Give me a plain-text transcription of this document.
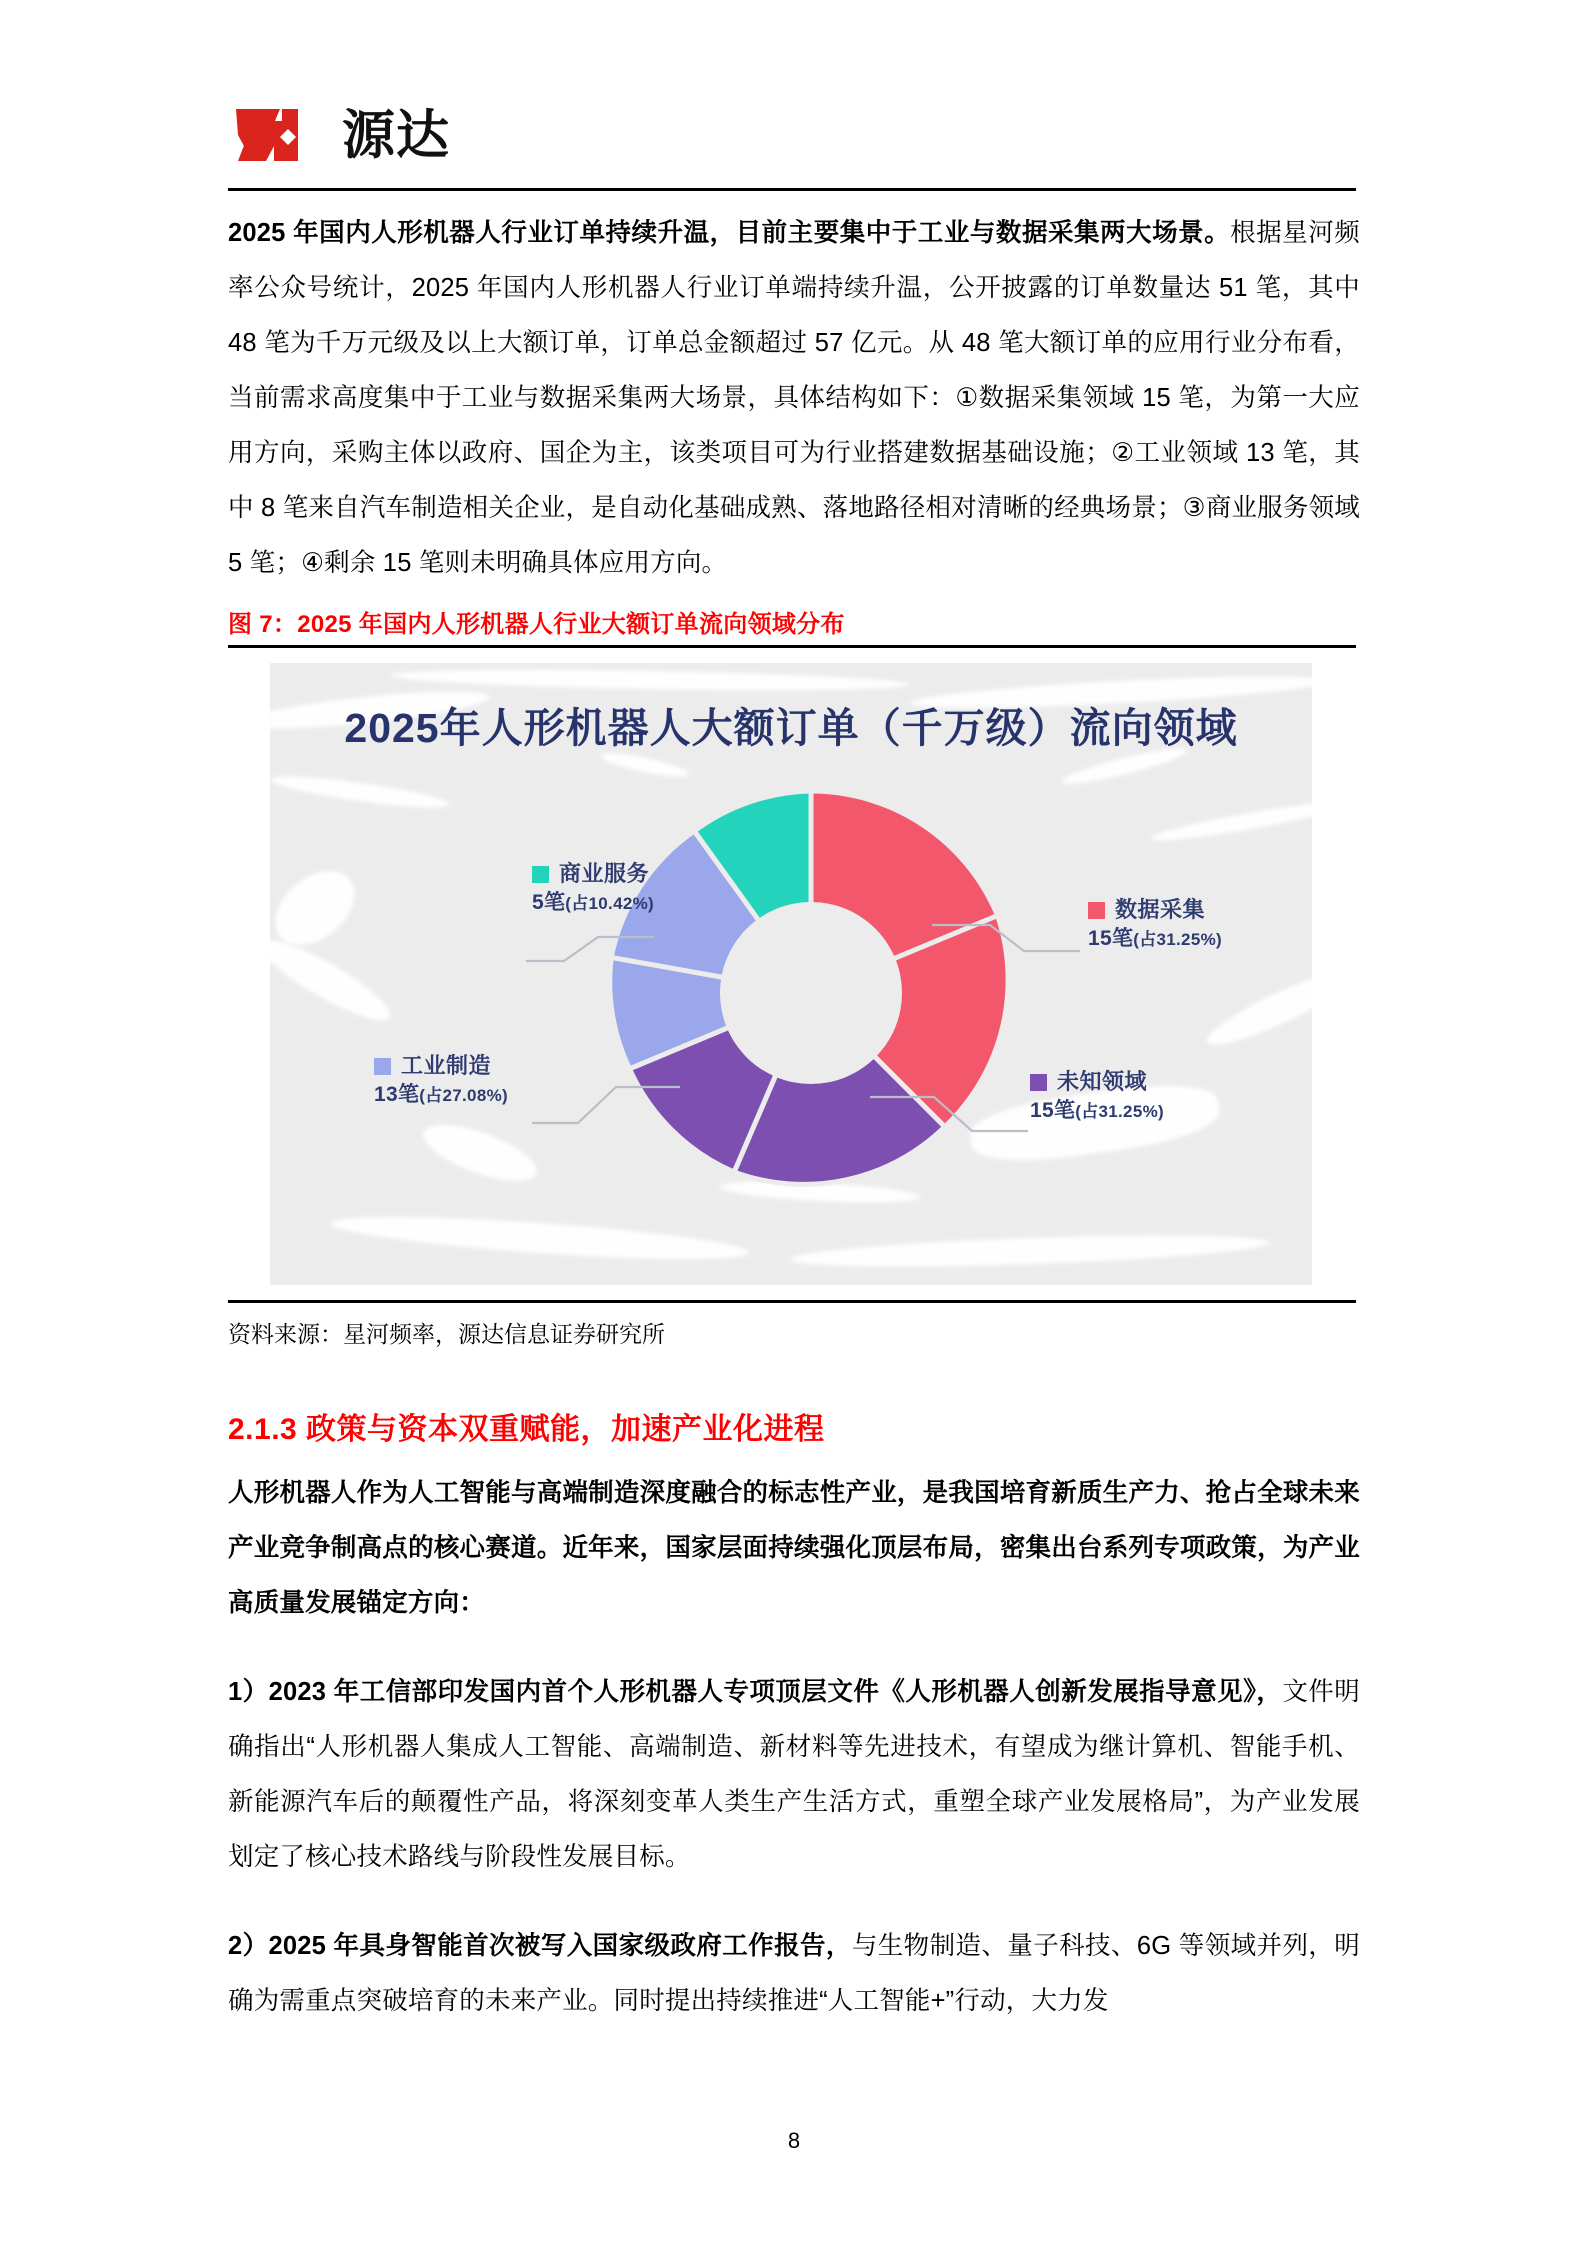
源达

2025 年国内人形机器人行业订单持续升温，目前主要集中于工业与数据采集两大场景。根据星河频率公众号统计，2025 年国内人形机器人行业订单端持续升温，公开披露的订单数量达 51 笔，其中 48 笔为千万元级及以上大额订单，订单总金额超过 57 亿元。从 48 笔大额订单的应用行业分布看，当前需求高度集中于工业与数据采集两大场景，具体结构如下：①数据采集领域 15 笔，为第一大应用方向，采购主体以政府、国企为主，该类项目可为行业搭建数据基础设施；②工业领域 13 笔，其中 8 笔来自汽车制造相关企业，是自动化基础成熟、落地路径相对清晰的经典场景；③商业服务领域 5 笔；④剩余 15 笔则未明确具体应用方向。

图 7：2025 年国内人形机器人行业大额订单流向领域分布
2025年人形机器人大额订单（千万级）流向领域
商业服务
5笔(占10.42%)	数据采集
15笔(占31.25%)
未知领域
15笔(占31.25%)
工业制造
13笔(占27.08%)
资料来源：星河频率，源达信息证券研究所
2.1.3 政策与资本双重赋能，加速产业化进程

人形机器人作为人工智能与高端制造深度融合的标志性产业，是我国培育新质生产力、抢占全球未来产业竞争制高点的核心赛道。近年来，国家层面持续强化顶层布局，密集出台系列专项政策，为产业高质量发展锚定方向：

1）2023 年工信部印发国内首个人形机器人专项顶层文件《人形机器人创新发展指导意见》，文件明确指出“人形机器人集成人工智能、高端制造、新材料等先进技术，有望成为继计算机、智能手机、新能源汽车后的颠覆性产品，将深刻变革人类生产生活方式，重塑全球产业发展格局”，为产业发展划定了核心技术路线与阶段性发展目标。

2）2025 年具身智能首次被写入国家级政府工作报告，与生物制造、量子科技、6G 等领域并列，明确为需重点突破培育的未来产业。同时提出持续推进“人工智能+”行动，大力发

8
